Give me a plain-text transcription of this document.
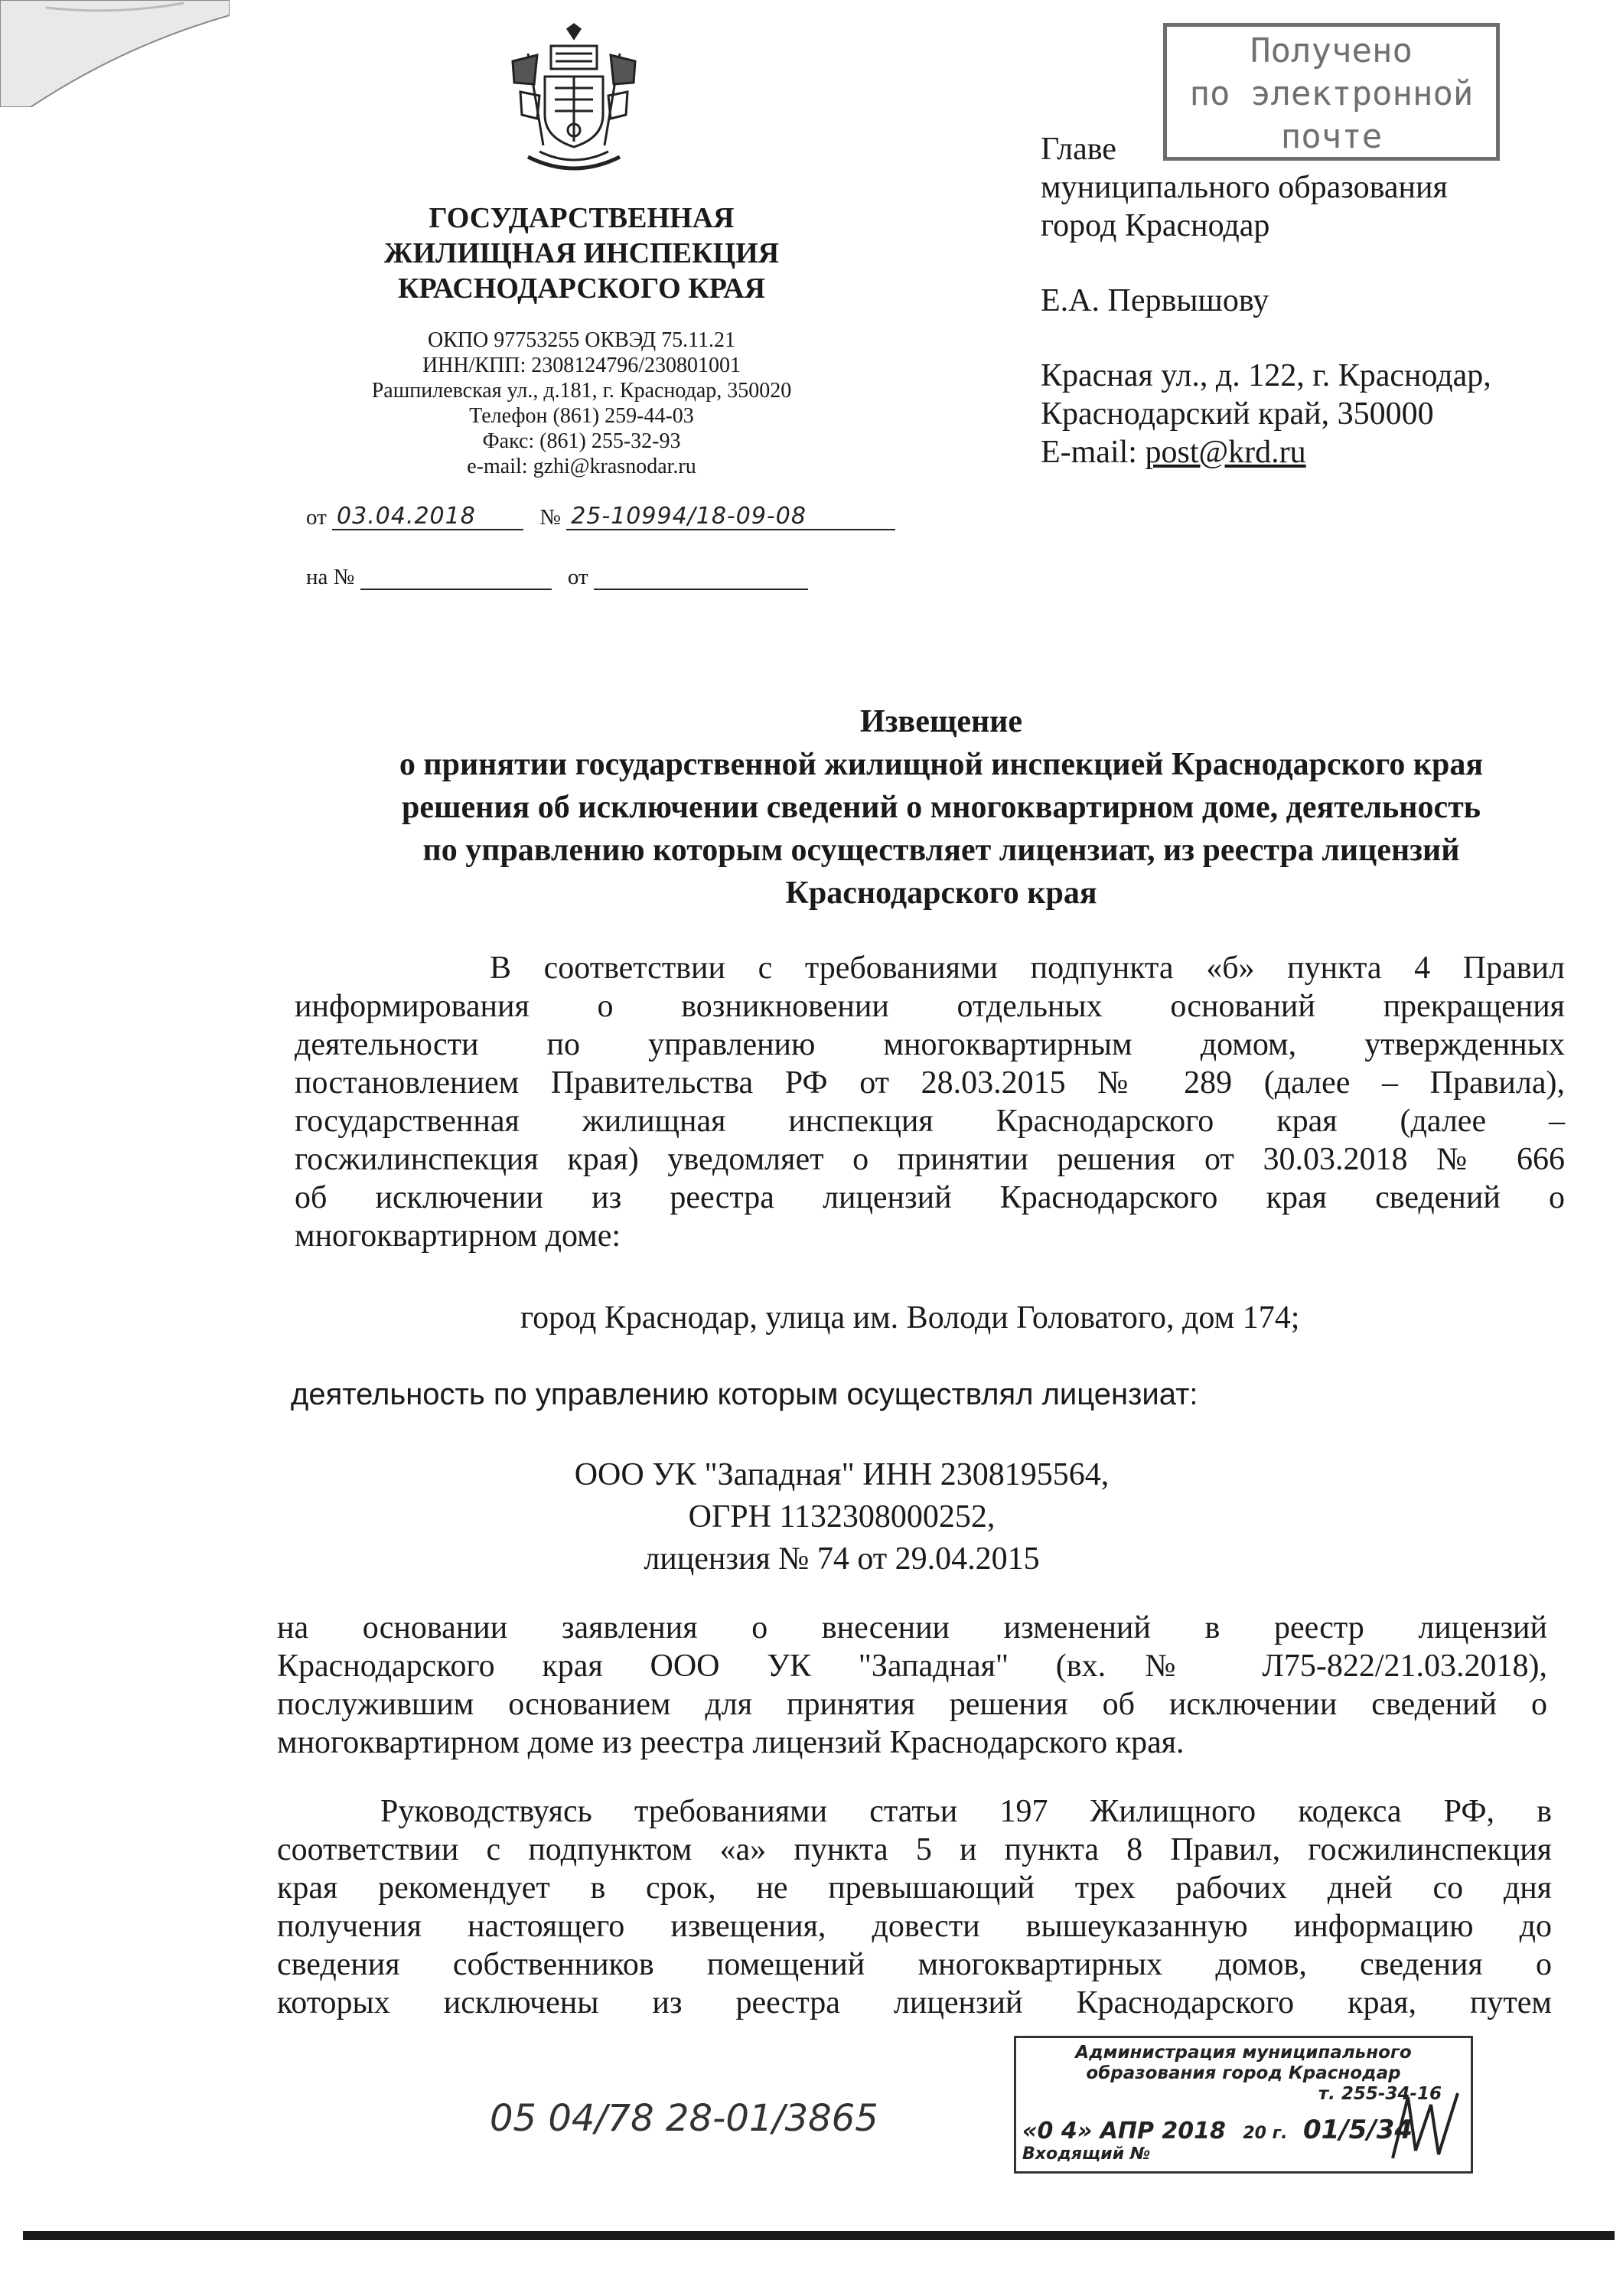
ГОСУДАРСТВЕННАЯ
ЖИЛИЩНАЯ ИНСПЕКЦИЯ
КРАСНОДАРСКОГО КРАЯ
ОКПО 97753255 ОКВЭД 75.11.21
ИНН/КПП: 2308124796/230801001
Рашпилевская ул., д.181, г. Краснодар, 350020
Телефон (861) 259-44-03
Факс: (861) 255-32-93
e-mail: gzhi@krasnodar.ru
от 03.04.2018	№ 25-10994/18-09-08
на №	от
Получено
по электронной
почте
Главе
муниципального образования
город Краснодар
Е.А. Первышову
Красная ул., д. 122, г. Краснодар,
Краснодарский край, 350000
E-mail: post@krd.ru
Извещение
о принятии государственной жилищной инспекцией Краснодарского края
решения об исключении сведений о многоквартирном доме, деятельность
по управлению которым осуществляет лицензиат, из реестра лицензий
Краснодарского края
В соответствии с требованиями подпункта «б» пункта 4 Правил
информирования о возникновении отдельных оснований прекращения
деятельности по управлению многоквартирным домом, утвержденных
постановлением Правительства РФ от 28.03.2015 № 289 (далее – Правила),
государственная жилищная инспекция Краснодарского края (далее –
госжилинспекция края) уведомляет о принятии решения от 30.03.2018 № 666
об исключении из реестра лицензий Краснодарского края сведений о
многоквартирном доме:
город Краснодар, улица им. Володи Головатого, дом 174;
деятельность по управлению которым осуществлял лицензиат:
ООО УК "Западная" ИНН 2308195564,
ОГРН 1132308000252,
лицензия № 74 от 29.04.2015
на основании заявления о внесении изменений в реестр лицензий
Краснодарского края ООО УК "Западная" (вх.№ Л75-822/21.03.2018),
послужившим основанием для принятия решения об исключении сведений о
многоквартирном доме из реестра лицензий Краснодарского края.
Руководствуясь требованиями статьи 197 Жилищного кодекса РФ, в
соответствии с подпунктом «а» пункта 5 и пункта 8 Правил, госжилинспекция
края рекомендует в срок, не превышающий трех рабочих дней со дня
получения настоящего извещения, довести вышеуказанную информацию до
сведения собственников помещений многоквартирных домов, сведения о
которых исключены из реестра лицензий Краснодарского края, путем
05 04/78 28-01/3865
Администрация муниципального
образования город Краснодар
т. 255-34-16
«0 4» АПР 2018 20 г. 01/5/34
Входящий №
